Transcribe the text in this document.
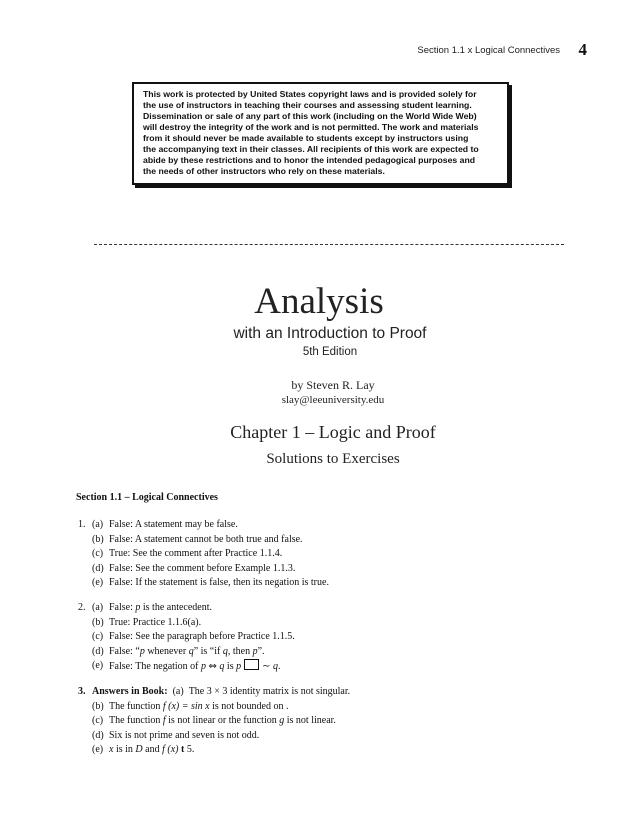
Section 1.1 x Logical Connectives 4
This work is protected by United States copyright laws and is provided solely for
the use of instructors in teaching their courses and assessing student learning.
Dissemination or sale of any part of this work (including on the World Wide Web)
will destroy the integrity of the work and is not permitted. The work and materials
from it should never be made available to students except by instructors using
the accompanying text in their classes. All recipients of this work are expected to
abide by these restrictions and to honor the intended pedagogical purposes and
the needs of other instructors who rely on these materials.
Analysis
with an Introduction to Proof
5th Edition
by Steven R. Lay
slay@leeuniversity.edu
Chapter 1 – Logic and Proof
Solutions to Exercises
Section 1.1 – Logical Connectives
1. (a) False: A statement may be false.
(b) False: A statement cannot be both true and false.
(c) True: See the comment after Practice 1.1.4.
(d) False: See the comment before Example 1.1.3.
(e) False: If the statement is false, then its negation is true.
2. (a) False: p is the antecedent.
(b) True: Practice 1.1.6(a).
(c) False: See the paragraph before Practice 1.1.5.
(d) False: “p whenever q” is “if q, then p”.
(e) False: The negation of p ⇔ q is p ∼ q.
3. Answers in Book:
(a)
The 3 × 3 identity matrix is not singular.
(b) The function f (x) = sin x is not bounded on .
(c) The function f is not linear or the function g is not linear.
(d) Six is not prime and seven is not odd.
(e) x is in D and f (x) t 5.
